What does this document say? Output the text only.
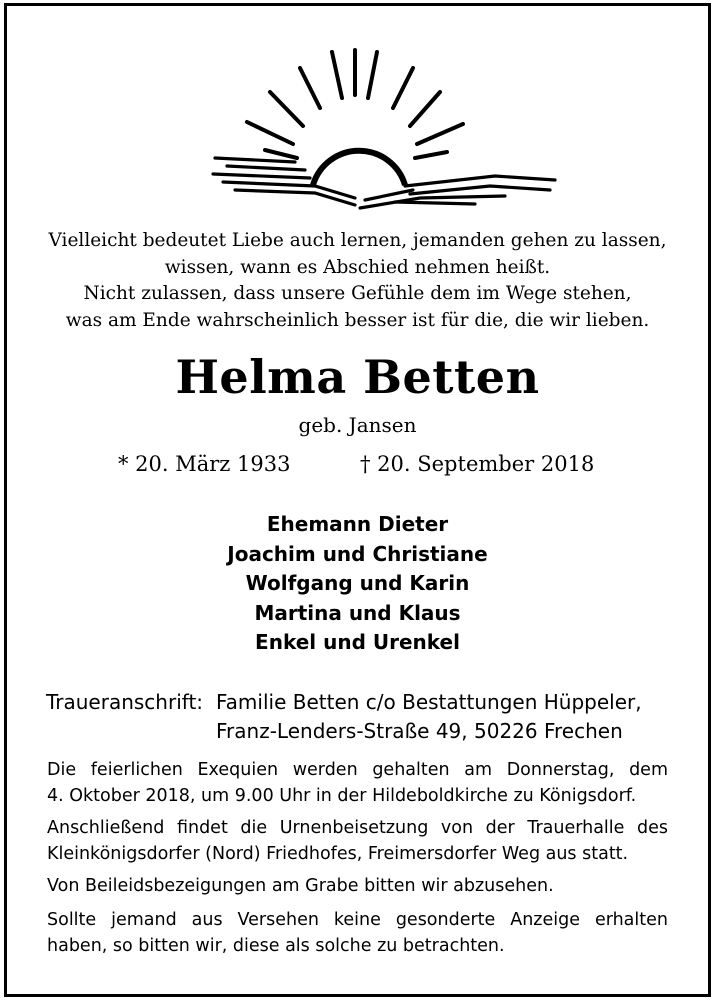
Vielleicht bedeutet Liebe auch lernen, jemanden gehen zu lassen,
wissen, wann es Abschied nehmen heißt.
Nicht zulassen, dass unsere Gefühle dem im Wege stehen,
was am Ende wahrscheinlich besser ist für die, die wir lieben.
Helma Betten
geb. Jansen
* 20. März 1933	† 20. September 2018
Ehemann Dieter
Joachim und Christiane
Wolfgang und Karin
Martina und Klaus
Enkel und Urenkel
Traueranschrift: Familie Betten c/o Bestattungen Hüppeler,
Franz-Lenders-Straße 49, 50226 Frechen
Die feierlichen Exequien werden gehalten am Donnerstag, dem
4. Oktober 2018, um 9.00 Uhr in der Hildeboldkirche zu Königsdorf.
Anschließend findet die Urnenbeisetzung von der Trauerhalle des
Kleinkönigsdorfer (Nord) Friedhofes, Freimersdorfer Weg aus statt.
Von Beileidsbezeigungen am Grabe bitten wir abzusehen.
Sollte jemand aus Versehen keine gesonderte Anzeige erhalten
haben, so bitten wir, diese als solche zu betrachten.
